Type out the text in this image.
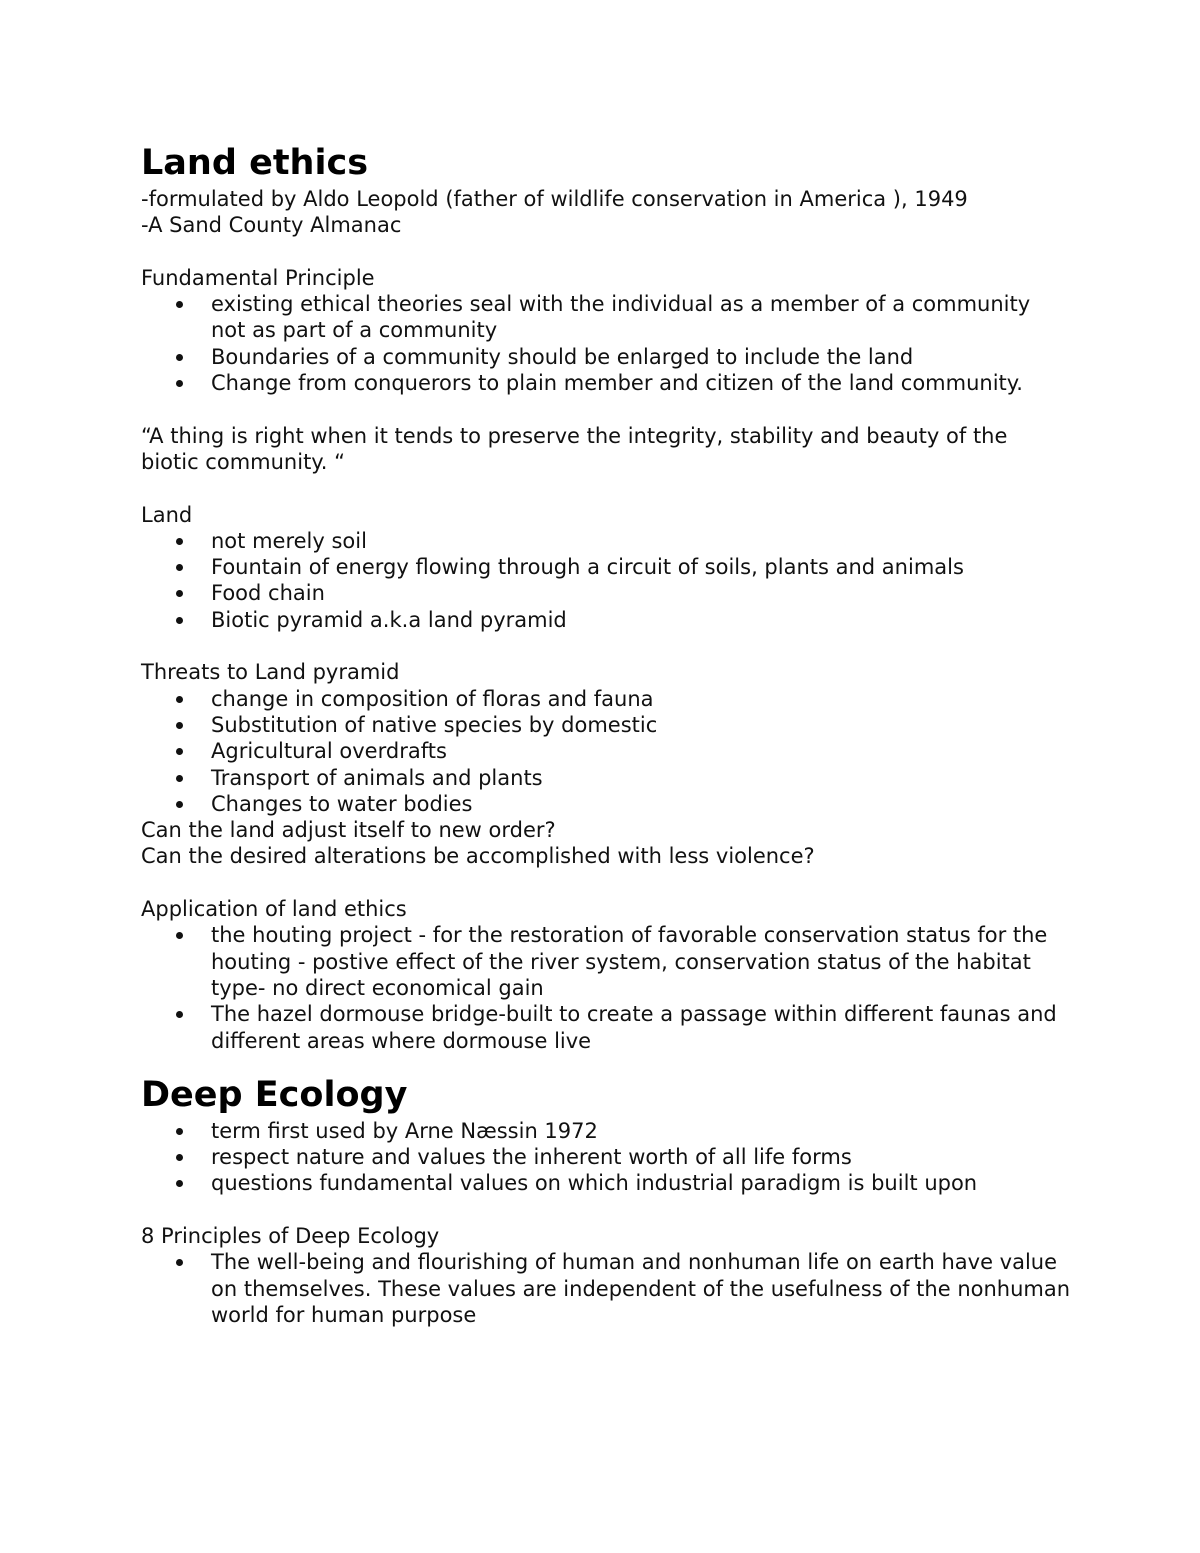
Land ethics

-formulated by Aldo Leopold (father of wildlife conservation in America ), 1949

-A Sand County Almanac

Fundamental Principle

existing ethical theories seal with the individual as a member of a community not as part of a community
Boundaries of a community should be enlarged to include the land
Change from conquerors to plain member and citizen of the land community.

“A thing is right when it tends to preserve the integrity, stability and beauty of the biotic community. “

Land

not merely soil
Fountain of energy flowing through a circuit of soils, plants and animals
Food chain
Biotic pyramid a.k.a land pyramid

Threats to Land pyramid

change in composition of floras and fauna
Substitution of native species by domestic
Agricultural overdrafts
Transport of animals and plants
Changes to water bodies

Can the land adjust itself to new order?

Can the desired alterations be accomplished with less violence?

Application of land ethics

the houting project - for the restoration of favorable conservation status for the houting - postive effect of the river system, conservation status of the habitat type- no direct economical gain
The hazel dormouse bridge-built to create a passage within different faunas and different areas where dormouse live
Deep Ecology
term first used by Arne Næssin 1972
respect nature and values the inherent worth of all life forms
questions fundamental values on which industrial paradigm is built upon

8 Principles of Deep Ecology

The well-being and flourishing of human and nonhuman life on earth have value on themselves. These values are independent of the usefulness of the nonhuman world for human purpose
